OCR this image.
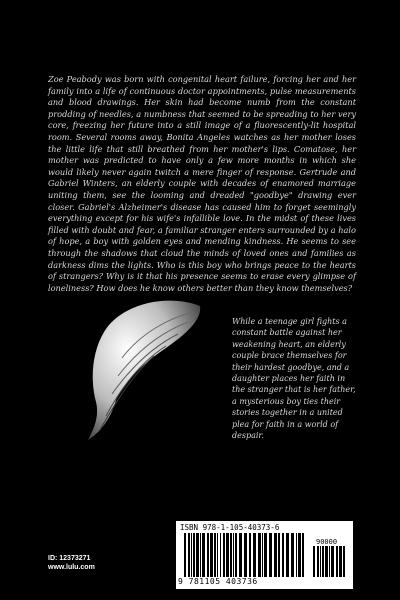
Zoe Peabody was born with congenital heart failure, forcing her and her family into a life of continuous doctor appointments, pulse measurements and blood drawings. Her skin had become numb from the constant prodding of needles, a numbness that seemed to be spreading to her very core, freezing her future into a still image of a fluorescently-lit hospital room. Several rooms away, Bonita Angeles watches as her mother loses the little life that still breathed from her mother's lips. Comatose, her mother was predicted to have only a few more months in which she would likely never again twitch a mere finger of response. Gertrude and Gabriel Winters, an elderly couple with decades of enamored marriage uniting them, see the looming and dreaded "goodbye" drawing ever closer. Gabriel's Alzheimer's disease has caused him to forget seemingly everything except for his wife's infallible love. In the midst of these lives filled with doubt and fear, a familiar stranger enters surrounded by a halo of hope, a boy with golden eyes and mending kindness. He seems to see through the shadows that cloud the minds of loved ones and families as darkness dims the lights. Who is this boy who brings peace to the hearts of strangers? Why is it that his presence seems to erase every glimpse of loneliness? How does he know others better than they know themselves?

While a teenage girl fights a constant battle against her weakening heart, an elderly couple brace themselves for their hardest goodbye, and a daughter places her faith in the stranger that is her father, a mysterious boy ties their stories together in a united plea for faith in a world of despair.

ID: 12373271
www.lulu.com
ISBN 978-1-105-40373-6
90000
9 781105 403736
